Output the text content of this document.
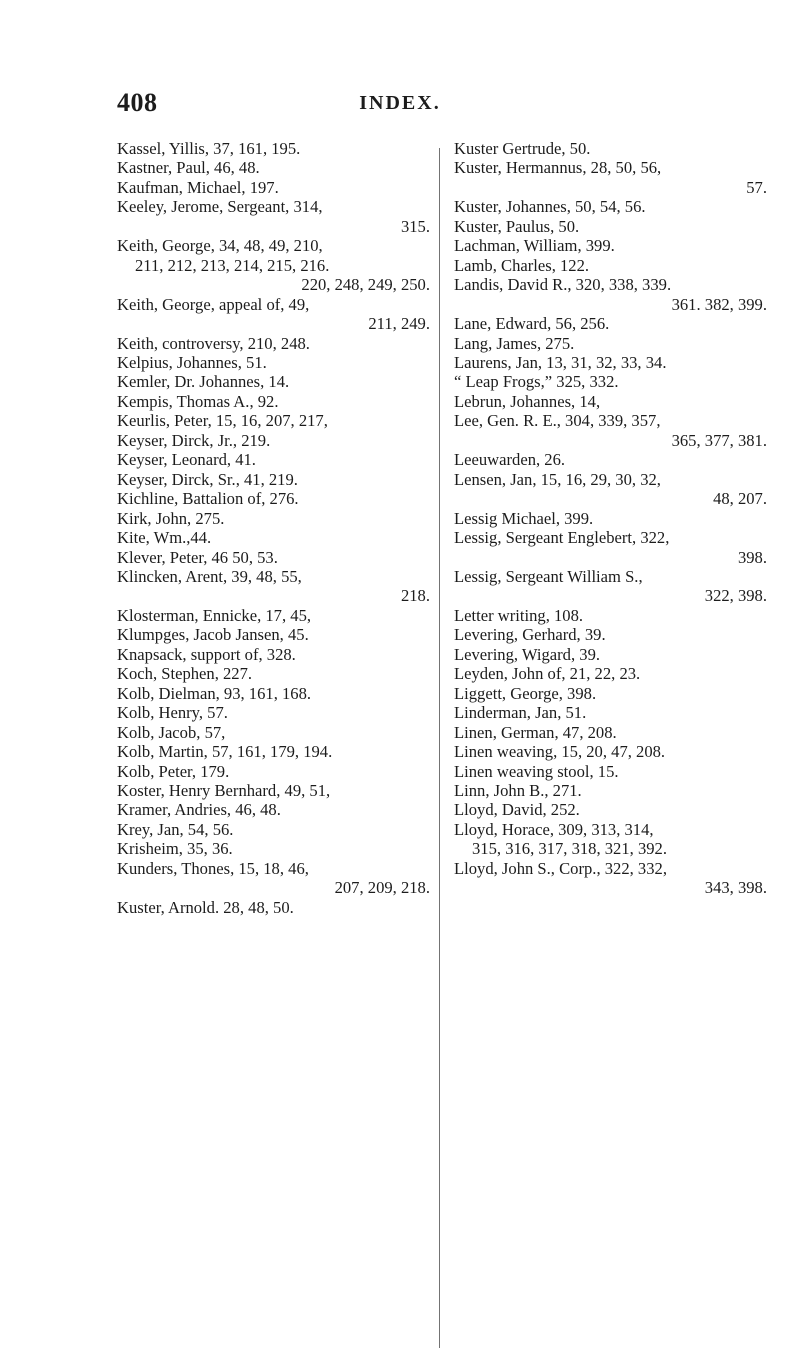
408	INDEX.
Kassel, Yillis, 37, 161, 195.
Kastner, Paul, 46, 48.
Kaufman, Michael, 197.
Keeley, Jerome, Sergeant, 314,
315.
Keith, George, 34, 48, 49, 210,
211, 212, 213, 214, 215, 216.
220, 248, 249, 250.
Keith, George, appeal of, 49,
211, 249.
Keith, controversy, 210, 248.
Kelpius, Johannes, 51.
Kemler, Dr. Johannes, 14.
Kempis, Thomas A., 92.
Keurlis, Peter, 15, 16, 207, 217,
Keyser, Dirck, Jr., 219.
Keyser, Leonard, 41.
Keyser, Dirck, Sr., 41, 219.
Kichline, Battalion of, 276.
Kirk, John, 275.
Kite, Wm.,44.
Klever, Peter, 46 50, 53.
Klincken, Arent, 39, 48, 55,
218.
Klosterman, Ennicke, 17, 45,
Klumpges, Jacob Jansen, 45.
Knapsack, support of, 328.
Koch, Stephen, 227.
Kolb, Dielman, 93, 161, 168.
Kolb, Henry, 57.
Kolb, Jacob, 57,
Kolb, Martin, 57, 161, 179, 194.
Kolb, Peter, 179.
Koster, Henry Bernhard, 49, 51,
Kramer, Andries, 46, 48.
Krey, Jan, 54, 56.
Krisheim, 35, 36.
Kunders, Thones, 15, 18, 46,
207, 209, 218.
Kuster, Arnold. 28, 48, 50.
Kuster Gertrude, 50.
Kuster, Hermannus, 28, 50, 56,
57.
Kuster, Johannes, 50, 54, 56.
Kuster, Paulus, 50.
Lachman, William, 399.
Lamb, Charles, 122.
Landis, David R., 320, 338, 339.
361. 382, 399.
Lane, Edward, 56, 256.
Lang, James, 275.
Laurens, Jan, 13, 31, 32, 33, 34.
“ Leap Frogs,” 325, 332.
Lebrun, Johannes, 14,
Lee, Gen. R. E., 304, 339, 357,
365, 377, 381.
Leeuwarden, 26.
Lensen, Jan, 15, 16, 29, 30, 32,
48, 207.
Lessig Michael, 399.
Lessig, Sergeant Englebert, 322,
398.
Lessig, Sergeant William S.,
322, 398.
Letter writing, 108.
Levering, Gerhard, 39.
Levering, Wigard, 39.
Leyden, John of, 21, 22, 23.
Liggett, George, 398.
Linderman, Jan, 51.
Linen, German, 47, 208.
Linen weaving, 15, 20, 47, 208.
Linen weaving stool, 15.
Linn, John B., 271.
Lloyd, David, 252.
Lloyd, Horace, 309, 313, 314,
315, 316, 317, 318, 321, 392.
Lloyd, John S., Corp., 322, 332,
343, 398.
